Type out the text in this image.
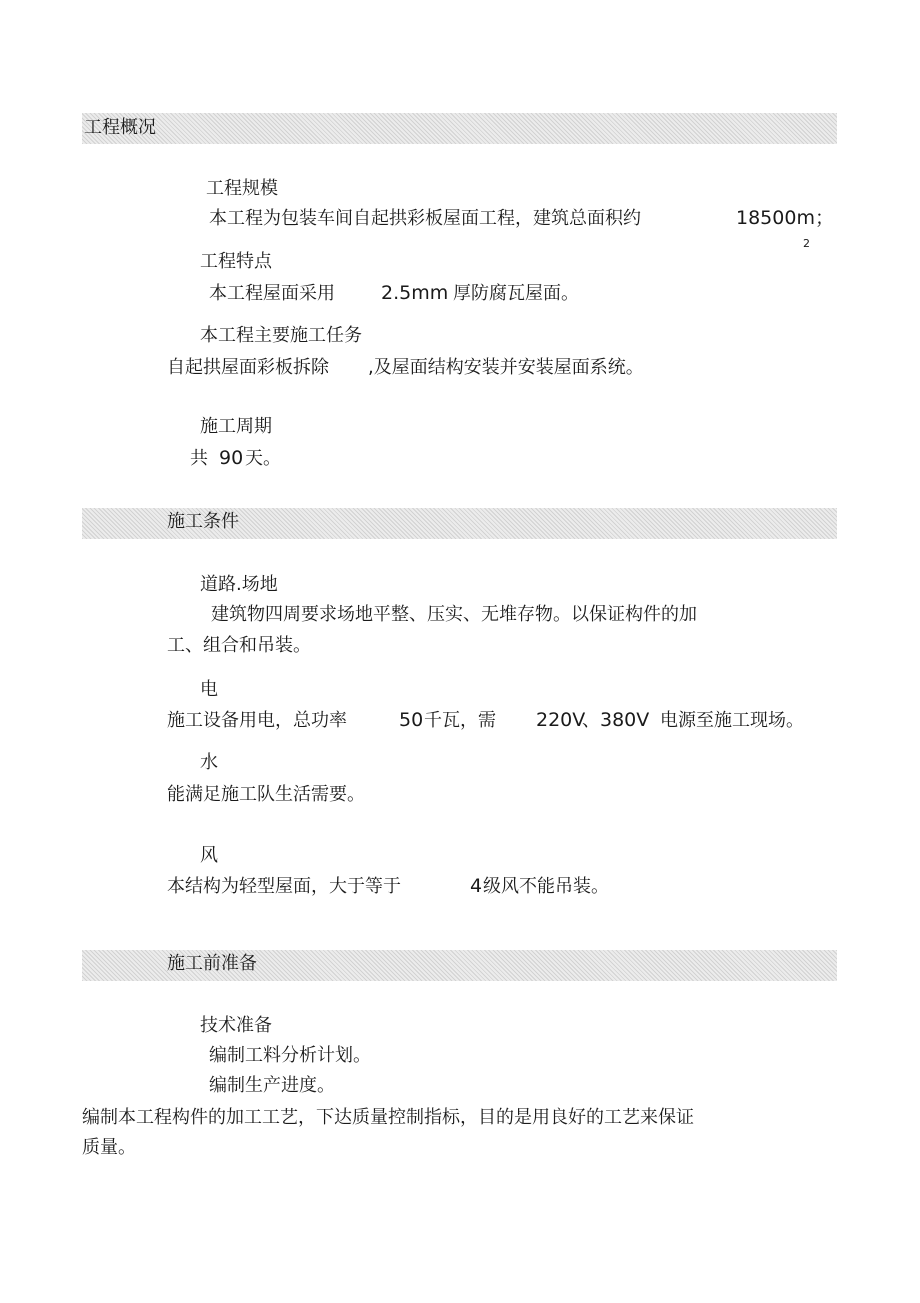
工程概况
工程规模
本工程为包装车间自起拱彩板屋面工程，建筑总面积约	18500m；
2
工程特点
本工程屋面采用 2.5mm 厚防腐瓦屋面。
本工程主要施工任务
自起拱屋面彩板拆除 ,及屋面结构安装并安装屋面系统。
施工周期
共 90 天。
施工条件
道路.场地
建筑物四周要求场地平整、压实、无堆存物。以保证构件的加
工、组合和吊装。
电
施工设备用电，总功率	50 千瓦，需 220V
、 380V 电源至施工现场。
水
能满足施工队生活需要。
风
本结构为轻型屋面，大于等于	4 级风不能吊装。
施工前准备
技术准备
编制工料分析计划。
编制生产进度。
编制本工程构件的加工工艺，下达质量控制指标，目的是用良好的工艺来保证
质量。
